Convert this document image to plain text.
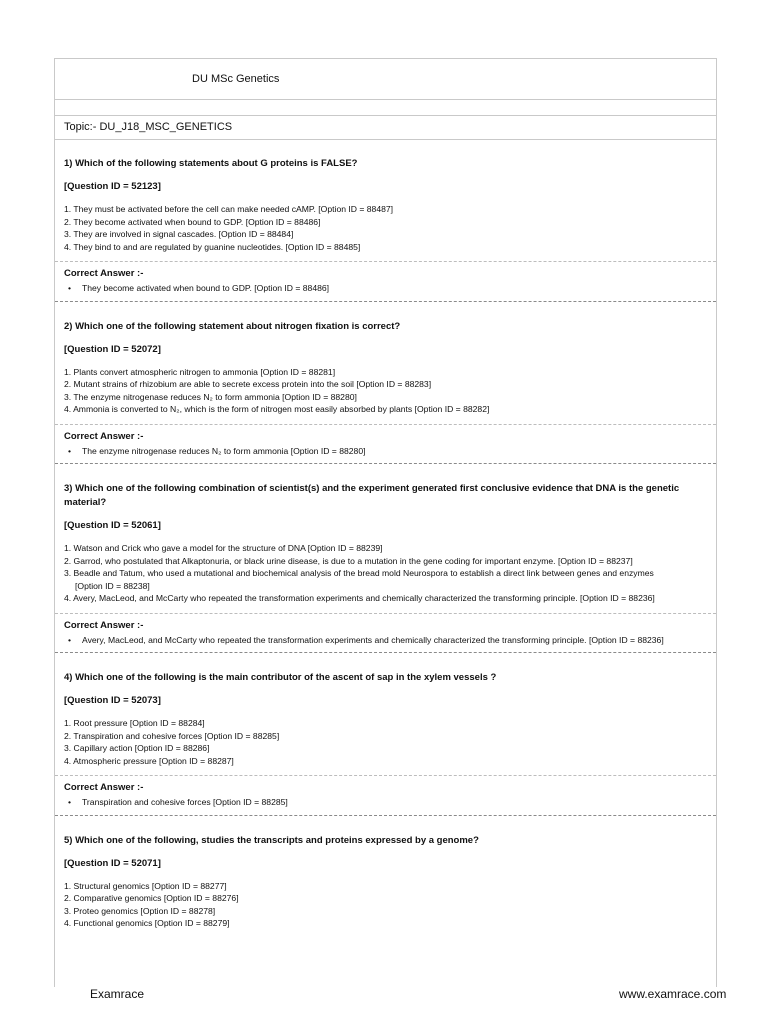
DU MSc Genetics
Topic:- DU_J18_MSC_GENETICS

1) Which of the following statements about G proteins is FALSE?

[Question ID = 52123]

1. They must be activated before the cell can make needed cAMP. [Option ID = 88487]
2. They become activated when bound to GDP. [Option ID = 88486]
3. They are involved in signal cascades. [Option ID = 88484]
4. They bind to and are regulated by guanine nucleotides. [Option ID = 88485]
Correct Answer :-
•	They become activated when bound to GDP. [Option ID = 88486]

2) Which one of the following statement about nitrogen fixation is correct?

[Question ID = 52072]

1. Plants convert atmospheric nitrogen to ammonia [Option ID = 88281]
2. Mutant strains of rhizobium are able to secrete excess protein into the soil [Option ID = 88283]
3. The enzyme nitrogenase reduces N₂ to form ammonia [Option ID = 88280]
4. Ammonia is converted to N₂, which is the form of nitrogen most easily absorbed by plants [Option ID = 88282]
Correct Answer :-
•	The enzyme nitrogenase reduces N₂ to form ammonia [Option ID = 88280]

3) Which one of the following combination of scientist(s) and the experiment generated first conclusive evidence that DNA is the genetic material?

[Question ID = 52061]

1. Watson and Crick who gave a model for the structure of DNA [Option ID = 88239]
2. Garrod, who postulated that Alkaptonuria, or black urine disease, is due to a mutation in the gene coding for important enzyme. [Option ID = 88237]
3. Beadle and Tatum, who used a mutational and biochemical analysis of the bread mold Neurospora to establish a direct link between genes and enzymes
[Option ID = 88238]
4. Avery, MacLeod, and McCarty who repeated the transformation experiments and chemically characterized the transforming principle. [Option ID = 88236]
Correct Answer :-
•	Avery, MacLeod, and McCarty who repeated the transformation experiments and chemically characterized the transforming principle. [Option ID = 88236]

4) Which one of the following is the main contributor of the ascent of sap in the xylem vessels ?

[Question ID = 52073]

1. Root pressure [Option ID = 88284]
2. Transpiration and cohesive forces [Option ID = 88285]
3. Capillary action [Option ID = 88286]
4. Atmospheric pressure [Option ID = 88287]
Correct Answer :-
•	Transpiration and cohesive forces [Option ID = 88285]

5) Which one of the following, studies the transcripts and proteins expressed by a genome?

[Question ID = 52071]

1. Structural genomics [Option ID = 88277]
2. Comparative genomics [Option ID = 88276]
3. Proteo genomics [Option ID = 88278]
4. Functional genomics [Option ID = 88279]
Examrace	www.examrace.com
